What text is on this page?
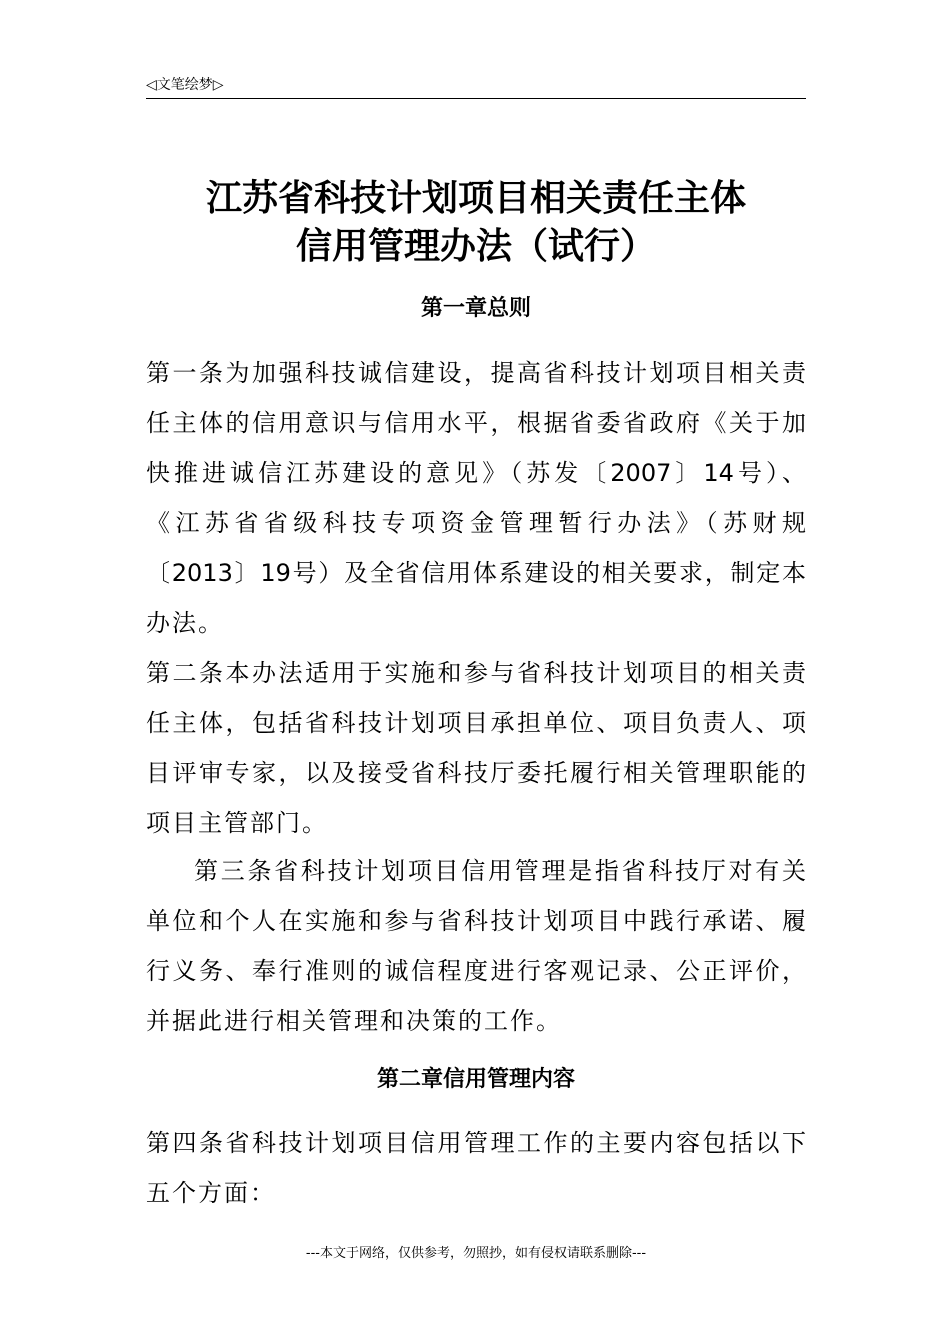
◁文笔绘梦▷
江苏省科技计划项目相关责任主体
信用管理办法（试行）
第一章总则
第一条为加强科技诚信建设，提高省科技计划项目相关责
任主体的信用意识与信用水平，根据省委省政府《关于加
快推进诚信江苏建设的意见》（苏发〔2007〕14号）、
《江苏省省级科技专项资金管理暂行办法》（苏财规
〔2013〕19号）及全省信用体系建设的相关要求，制定本
办法。
第二条本办法适用于实施和参与省科技计划项目的相关责
任主体，包括省科技计划项目承担单位、项目负责人、项
目评审专家，以及接受省科技厅委托履行相关管理职能的
项目主管部门。
第三条省科技计划项目信用管理是指省科技厅对有关
单位和个人在实施和参与省科技计划项目中践行承诺、履
行义务、奉行准则的诚信程度进行客观记录、公正评价，
并据此进行相关管理和决策的工作。
第二章信用管理内容
第四条省科技计划项目信用管理工作的主要内容包括以下
五个方面：
---本文于网络，仅供参考，勿照抄，如有侵权请联系删除---
